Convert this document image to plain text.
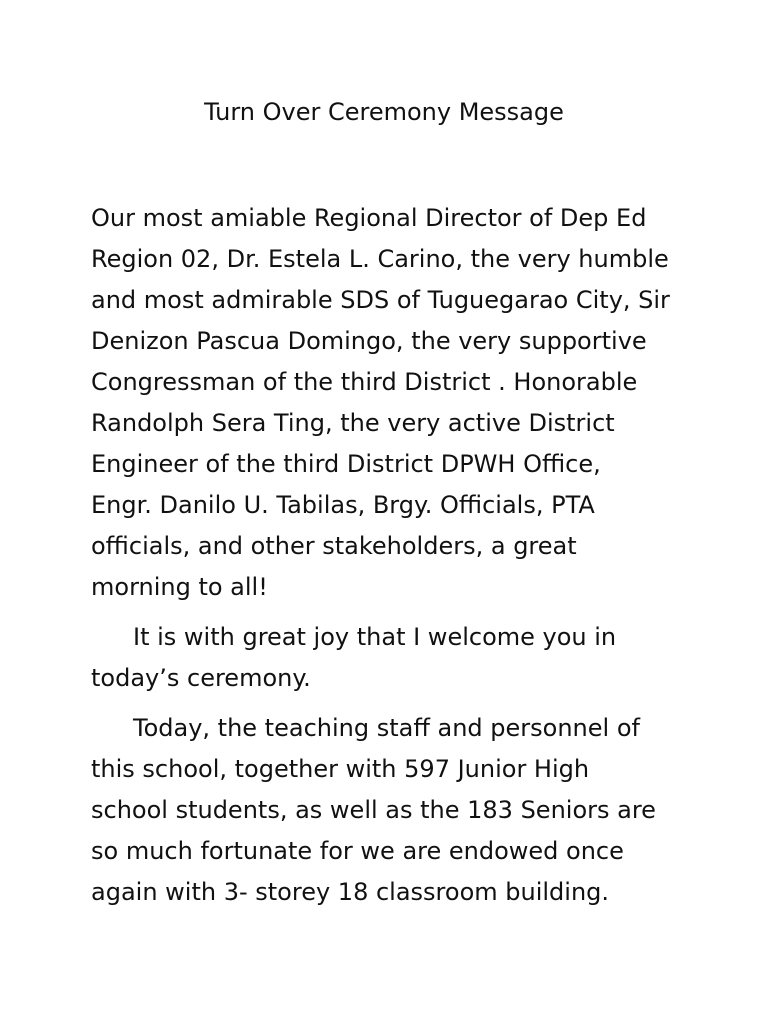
Turn Over Ceremony Message

Our most amiable Regional Director of Dep Ed
Region 02, Dr. Estela L. Carino, the very humble
and most admirable SDS of Tuguegarao City, Sir
Denizon Pascua Domingo, the very supportive
Congressman of the third District . Honorable
Randolph Sera Ting, the very active District
Engineer of the third District DPWH Office,
Engr. Danilo U. Tabilas, Brgy. Officials, PTA
officials, and other stakeholders, a great
morning to all!

It is with great joy that I welcome you in
today’s ceremony.

Today, the teaching staff and personnel of
this school, together with 597 Junior High
school students, as well as the 183 Seniors are
so much fortunate for we are endowed once
again with 3- storey 18 classroom building.
